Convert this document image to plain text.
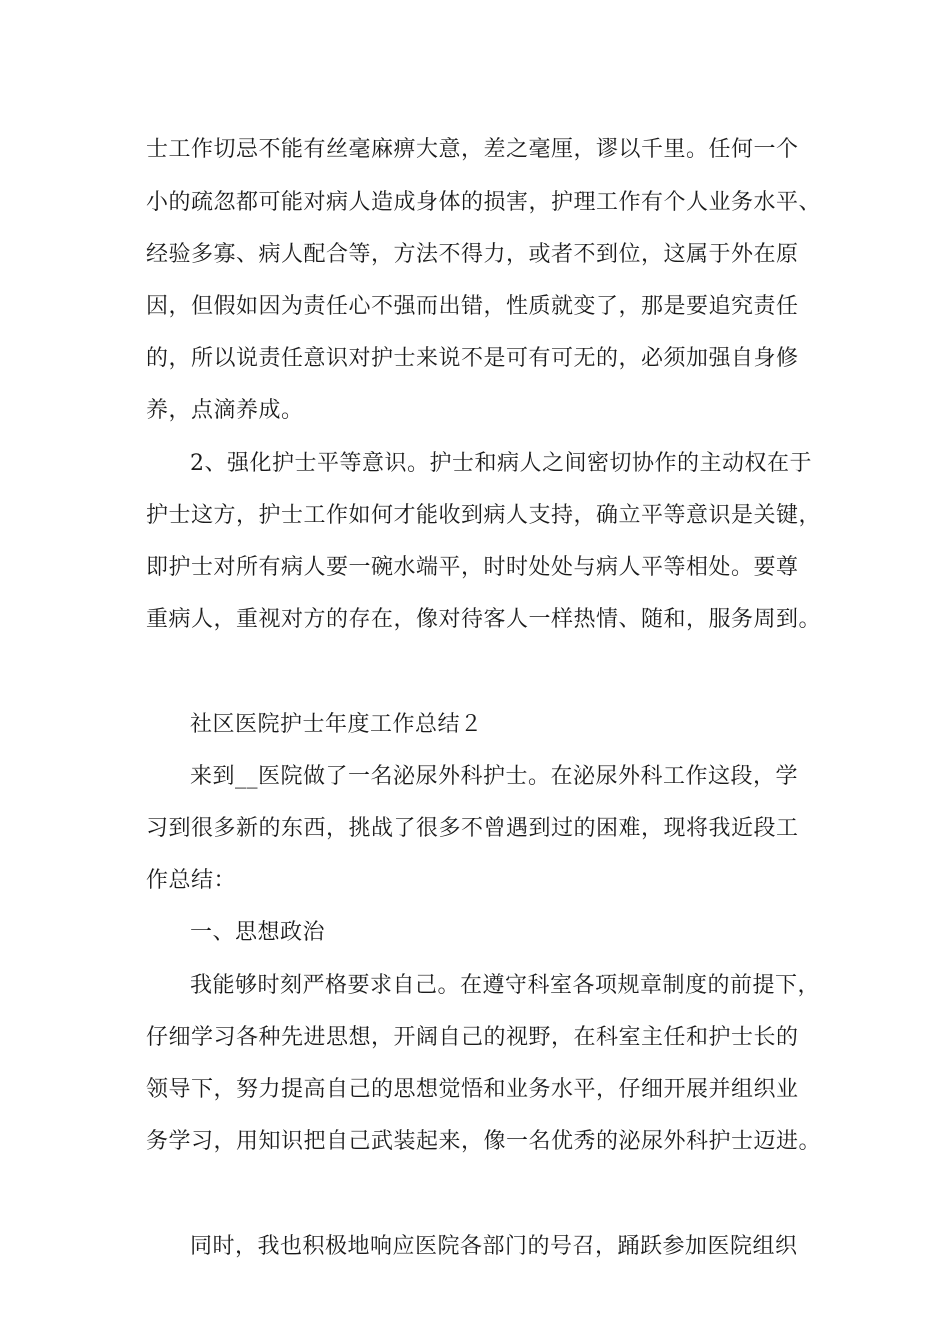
士工作切忌不能有丝毫麻痹大意，差之毫厘，谬以千里。任何一个
小的疏忽都可能对病人造成身体的损害，护理工作有个人业务水平、
经验多寡、病人配合等，方法不得力，或者不到位，这属于外在原
因，但假如因为责任心不强而出错，性质就变了，那是要追究责任
的，所以说责任意识对护士来说不是可有可无的，必须加强自身修
养，点滴养成。
2、强化护士平等意识。护士和病人之间密切协作的主动权在于
护士这方，护士工作如何才能收到病人支持，确立平等意识是关键，
即护士对所有病人要一碗水端平，时时处处与病人平等相处。要尊
重病人，重视对方的存在，像对待客人一样热情、随和，服务周到。
社区医院护士年度工作总结２
来到__医院做了一名泌尿外科护士。在泌尿外科工作这段，学
习到很多新的东西，挑战了很多不曾遇到过的困难，现将我近段工
作总结：
一、思想政治
我能够时刻严格要求自己。在遵守科室各项规章制度的前提下，
仔细学习各种先进思想，开阔自己的视野，在科室主任和护士长的
领导下，努力提高自己的思想觉悟和业务水平，仔细开展并组织业
务学习，用知识把自己武装起来，像一名优秀的泌尿外科护士迈进。
同时，我也积极地响应医院各部门的号召，踊跃参加医院组织
